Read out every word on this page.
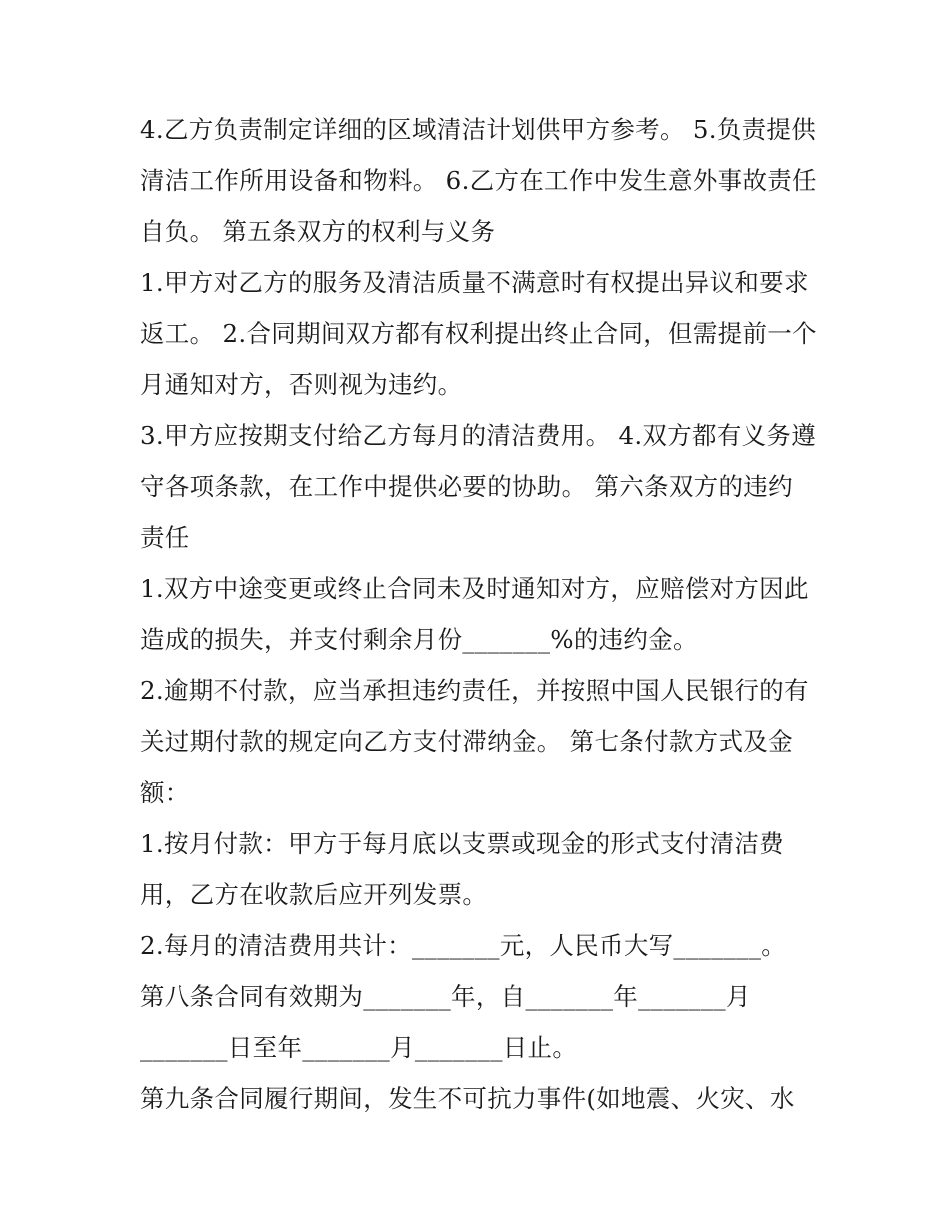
4.乙方负责制定详细的区域清洁计划供甲方参考。 5.负责提供
清洁工作所用设备和物料。 6.乙方在工作中发生意外事故责任
自负。 第五条双方的权利与义务
1.甲方对乙方的服务及清洁质量不满意时有权提出异议和要求
返工。 2.合同期间双方都有权利提出终止合同，但需提前一个
月通知对方，否则视为违约。
3.甲方应按期支付给乙方每月的清洁费用。 4.双方都有义务遵
守各项条款，在工作中提供必要的协助。 第六条双方的违约
责任
1.双方中途变更或终止合同未及时通知对方，应赔偿对方因此
造成的损失，并支付剩余月份_______%的违约金。
2.逾期不付款，应当承担违约责任，并按照中国人民银行的有
关过期付款的规定向乙方支付滞纳金。 第七条付款方式及金
额：
1.按月付款：甲方于每月底以支票或现金的形式支付清洁费
用，乙方在收款后应开列发票。
2.每月的清洁费用共计：_______元，人民币大写_______。
第八条合同有效期为_______年，自_______年_______月
_______日至年_______月_______日止。
第九条合同履行期间，发生不可抗力事件(如地震、火灾、水
